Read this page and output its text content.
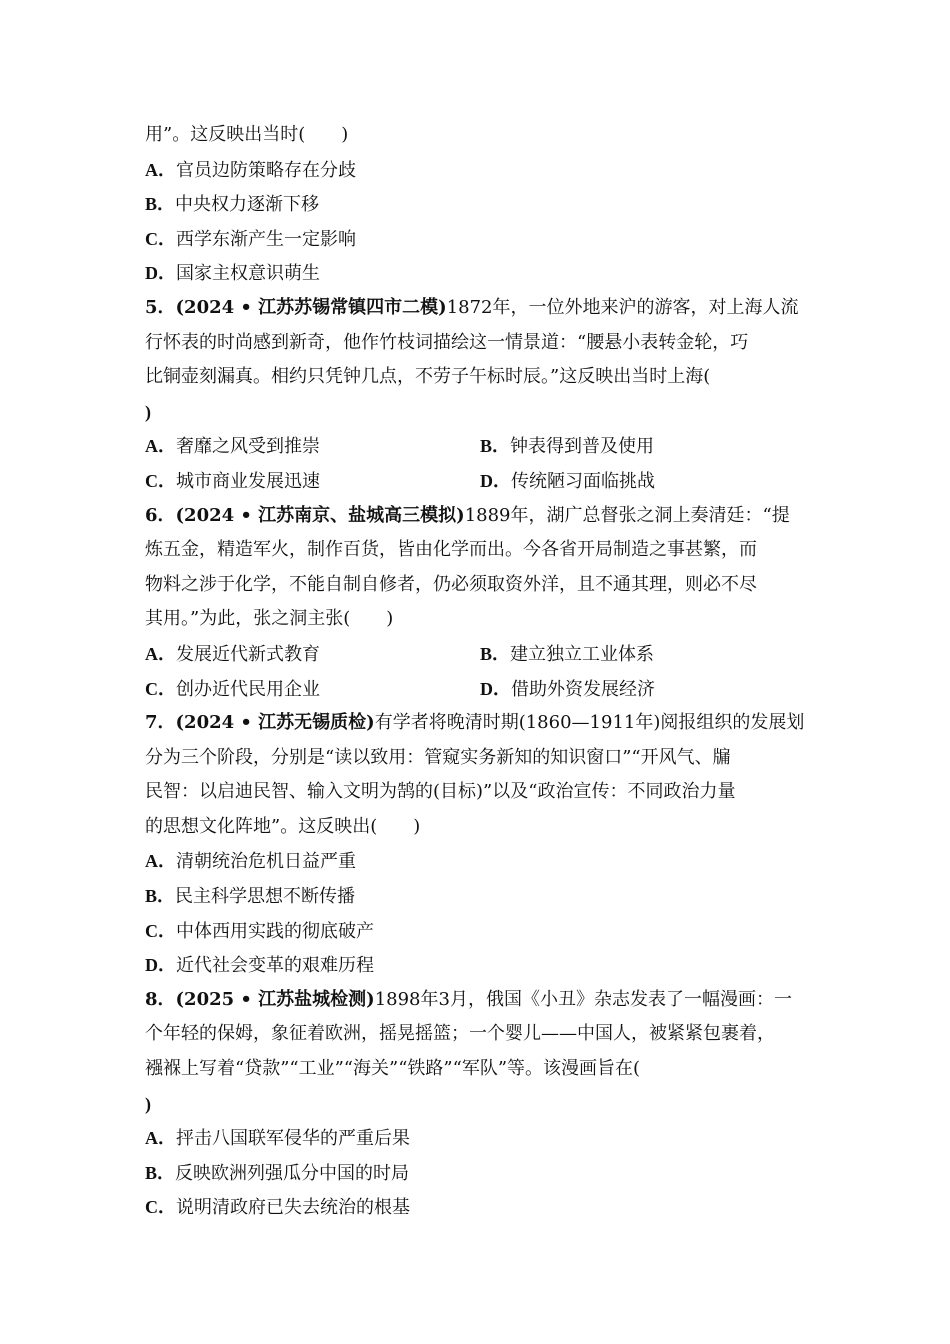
用”。这反映出当时(　　)
A．官员边防策略存在分歧
B．中央权力逐渐下移
C．西学东渐产生一定影响
D．国家主权意识萌生
5．(2024 • 江苏苏锡常镇四市二模)1872年，一位外地来沪的游客，对上海人流
行怀表的时尚感到新奇，他作竹枝词描绘这一情景道：“腰悬小表转金轮，巧
比铜壶刻漏真。相约只凭钟几点，不劳子午标时辰。”这反映出当时上海(
)
A．奢靡之风受到推崇	B．钟表得到普及使用
C．城市商业发展迅速	D．传统陋习面临挑战
6．(2024 • 江苏南京、盐城高三模拟)1889年，湖广总督张之洞上奏清廷：“提
炼五金，精造军火，制作百货，皆由化学而出。今各省开局制造之事甚繁，而
物料之涉于化学，不能自制自修者，仍必须取资外洋，且不通其理，则必不尽
其用。”为此，张之洞主张(　　)
A．发展近代新式教育	B．建立独立工业体系
C．创办近代民用企业	D．借助外资发展经济
7．(2024 • 江苏无锡质检)有学者将晚清时期(1860—1911年)阅报组织的发展划
分为三个阶段，分别是“读以致用：管窥实务新知的知识窗口”“开风气、牖
民智：以启迪民智、输入文明为鹄的(目标)”以及“政治宣传：不同政治力量
的思想文化阵地”。这反映出(　　)
A．清朝统治危机日益严重
B．民主科学思想不断传播
C．中体西用实践的彻底破产
D．近代社会变革的艰难历程
8．(2025 • 江苏盐城检测)1898年3月，俄国《小丑》杂志发表了一幅漫画：一
个年轻的保姆，象征着欧洲，摇晃摇篮；一个婴儿——中国人，被紧紧包裹着，
襁褓上写着“贷款”“工业”“海关”“铁路”“军队”等。该漫画旨在(
)
A．抨击八国联军侵华的严重后果
B．反映欧洲列强瓜分中国的时局
C．说明清政府已失去统治的根基
